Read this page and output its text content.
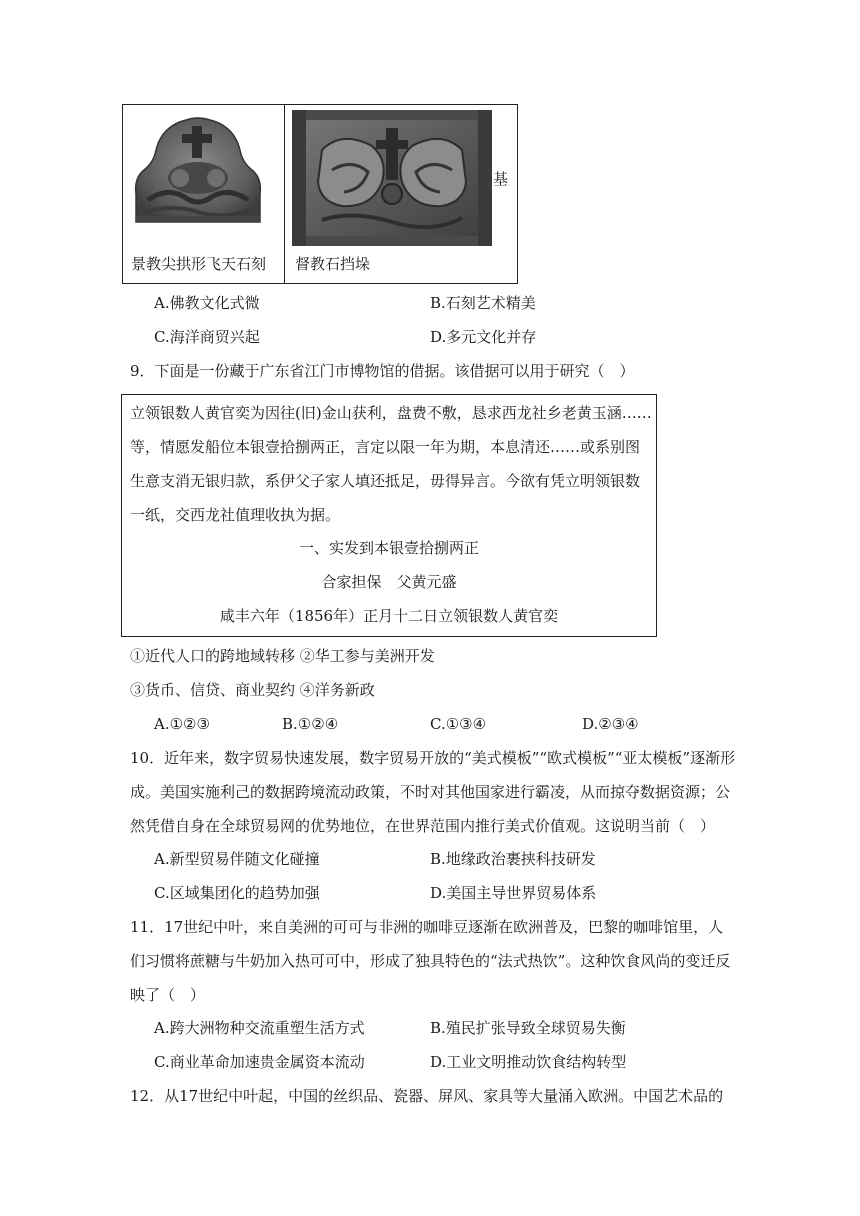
基
景教尖拱形飞天石刻 督教石挡垛
A.佛教文化式微	B.石刻艺术精美
C.海洋商贸兴起	D.多元文化并存
9．下面是一份藏于广东省江门市博物馆的借据。该借据可以用于研究（　）
立领银数人黄官奕为因往(旧)金山获利，盘费不敷，恳求西龙社乡老黄玉涵……
等，情愿发船位本银壹拾捌两正，言定以限一年为期，本息清还……或系别图
生意支消无银归款，系伊父子家人填还抵足，毋得异言。今欲有凭立明领银数
一纸，交西龙社值理收执为据。
一、实发到本银壹拾捌两正
合家担保　父黄元盛
咸丰六年（1856年）正月十二日立领银数人黄官奕
①近代人口的跨地域转移 ②华工参与美洲开发
③货币、信贷、商业契约 ④洋务新政
A.①②③	B.①②④	C.①③④	D.②③④
10．近年来，数字贸易快速发展，数字贸易开放的“美式模板”“欧式模板”“亚太模板”逐渐形
成。美国实施利己的数据跨境流动政策，不时对其他国家进行霸凌，从而掠夺数据资源；公
然凭借自身在全球贸易网的优势地位，在世界范围内推行美式价值观。这说明当前（　）
A.新型贸易伴随文化碰撞	B.地缘政治裹挟科技研发
C.区域集团化的趋势加强	D.美国主导世界贸易体系
11．17世纪中叶，来自美洲的可可与非洲的咖啡豆逐渐在欧洲普及，巴黎的咖啡馆里，人
们习惯将蔗糖与牛奶加入热可可中，形成了独具特色的“法式热饮”。这种饮食风尚的变迁反
映了（　）
A.跨大洲物种交流重塑生活方式	B.殖民扩张导致全球贸易失衡
C.商业革命加速贵金属资本流动	D.工业文明推动饮食结构转型
12．从17世纪中叶起，中国的丝织品、瓷器、屏风、家具等大量涌入欧洲。中国艺术品的
